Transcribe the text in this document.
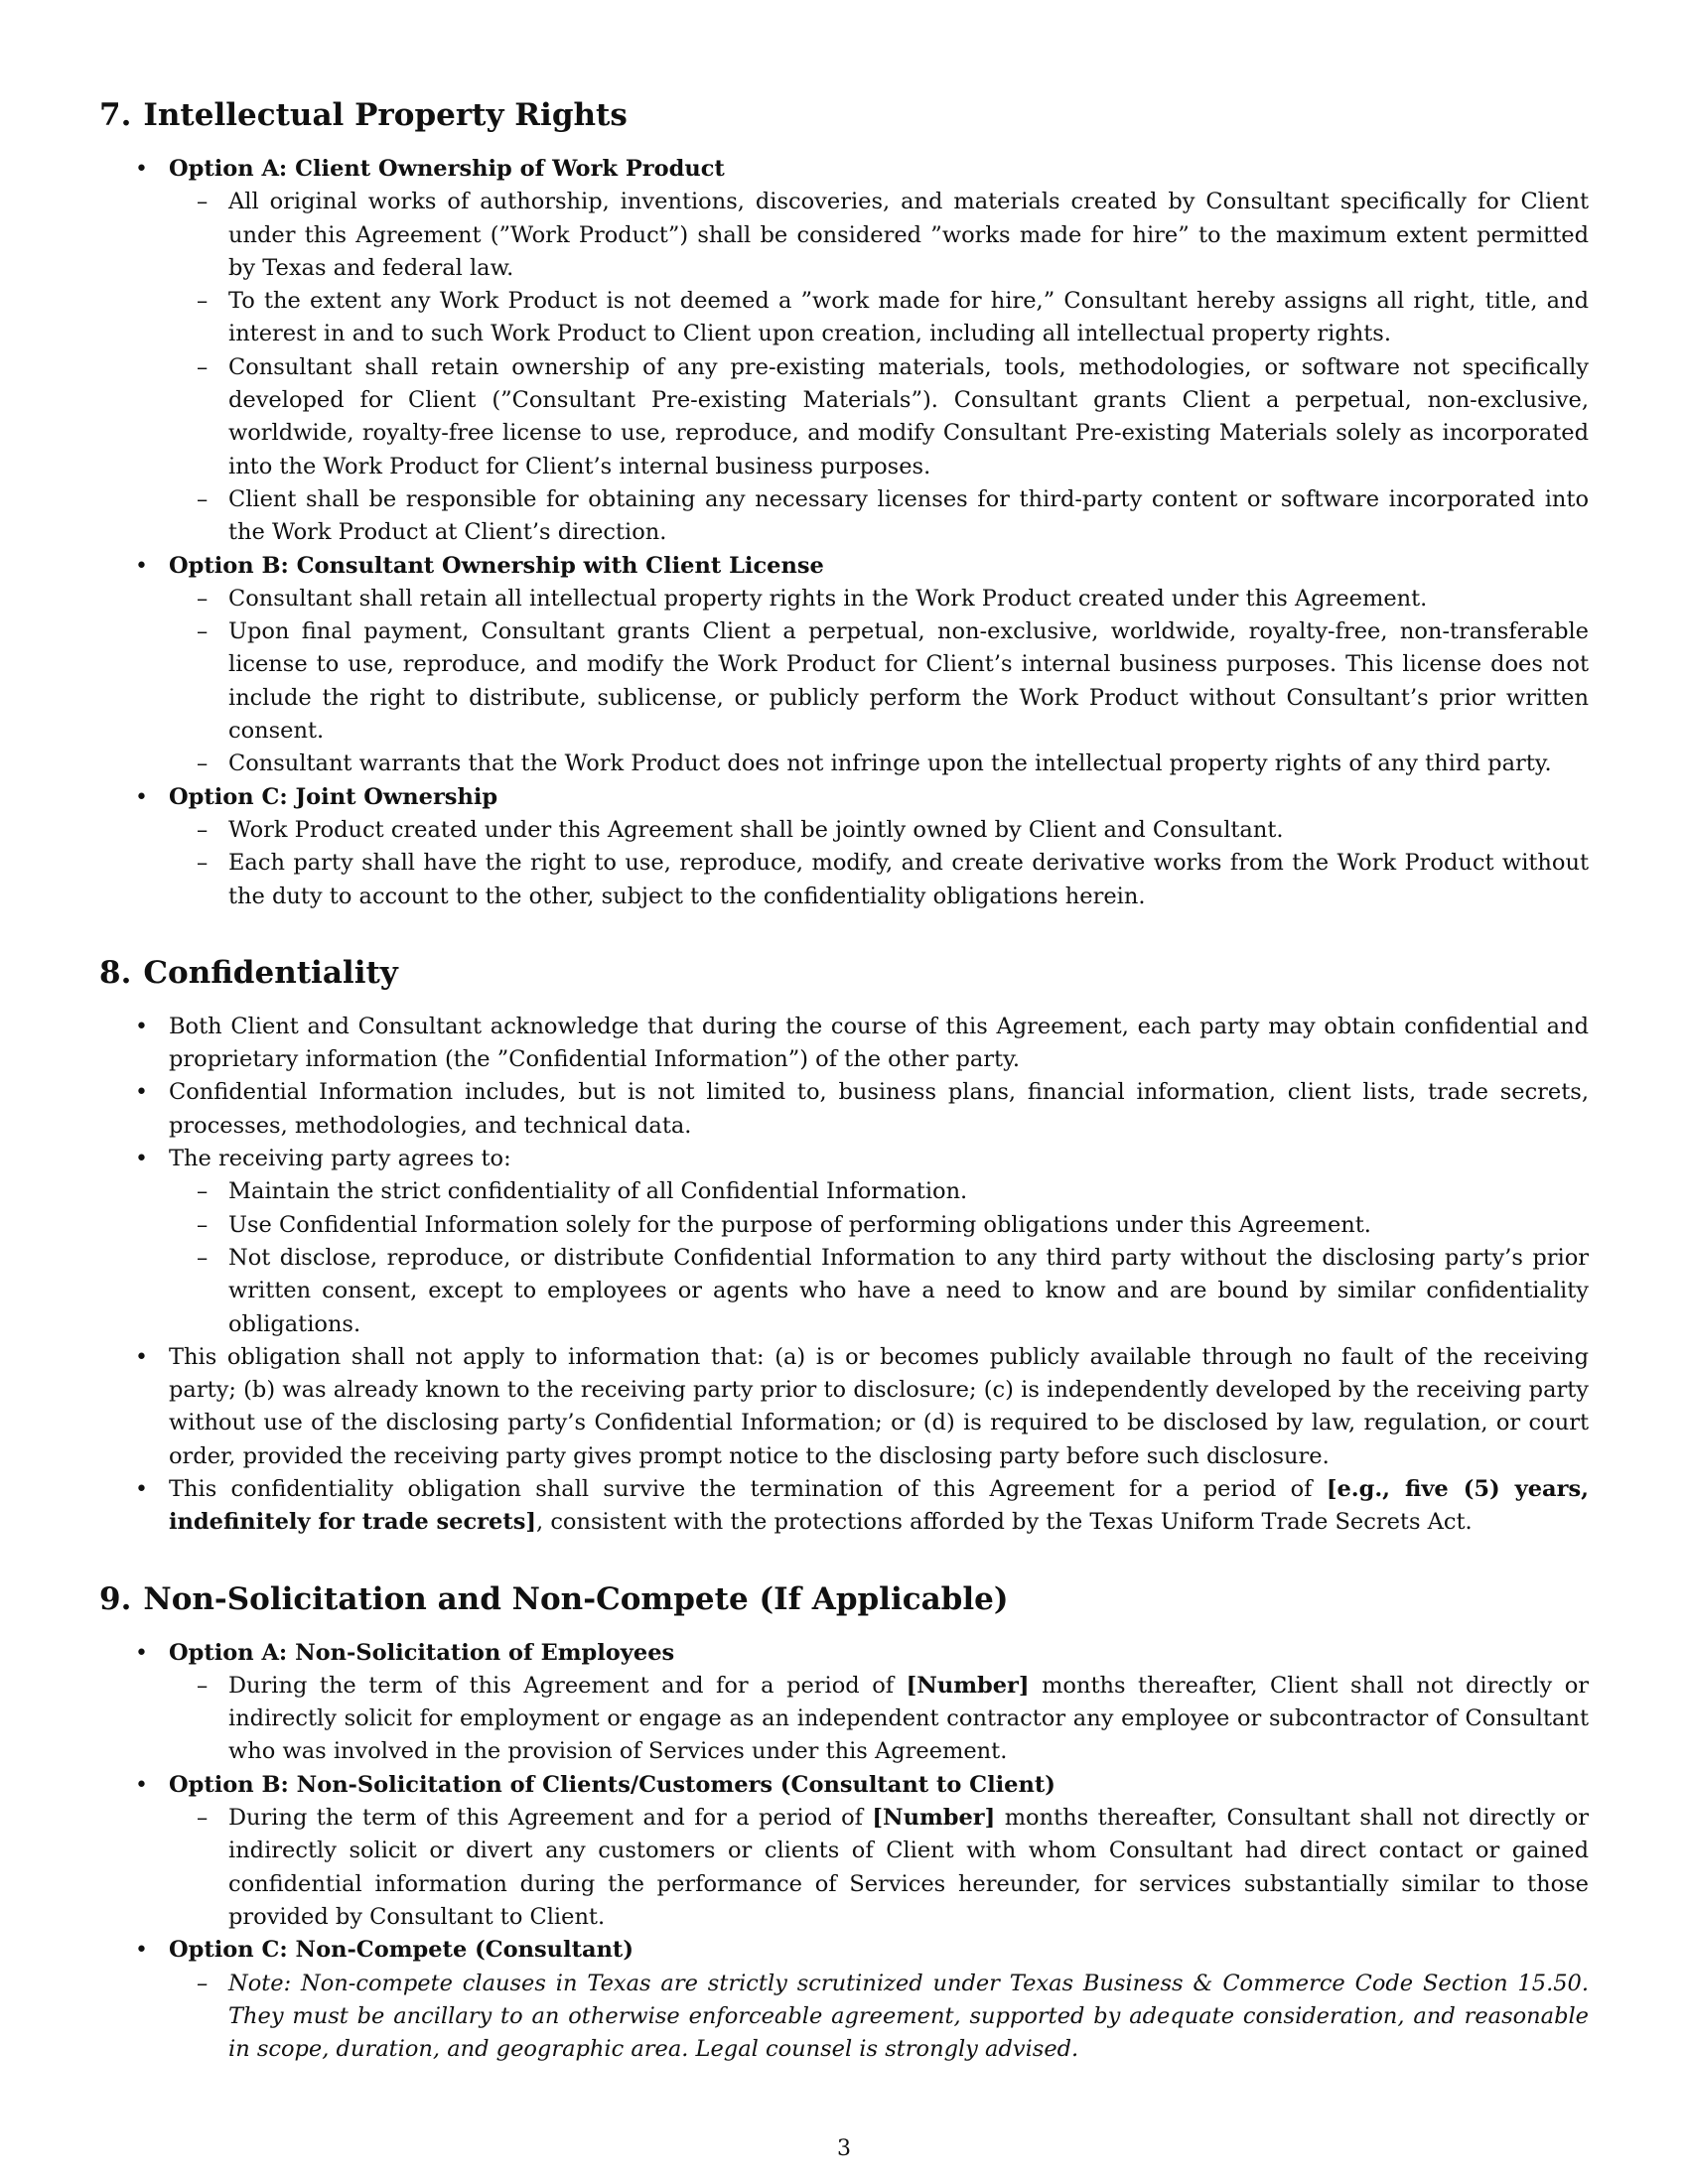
7. Intellectual Property Rights
• Option A: Client Ownership of Work Product
– All original works of authorship, inventions, discoveries, and materials created by Consultant specifically for Client under this Agreement (”Work Product”) shall be considered ”works made for hire” to the maximum extent permitted by Texas and federal law.
– To the extent any Work Product is not deemed a ”work made for hire,” Consultant hereby assigns all right, title, and interest in and to such Work Product to Client upon creation, including all intellectual property rights.
– Consultant shall retain ownership of any pre-existing materials, tools, methodologies, or software not specifically developed for Client (”Consultant Pre-existing Materials”). Consultant grants Client a perpetual, non-exclusive, worldwide, royalty-free license to use, reproduce, and modify Consultant Pre-existing Materials solely as incorporated into the Work Product for Client’s internal business purposes.
– Client shall be responsible for obtaining any necessary licenses for third-party content or software incorporated into the Work Product at Client’s direction.
• Option B: Consultant Ownership with Client License
– Consultant shall retain all intellectual property rights in the Work Product created under this Agreement.
– Upon final payment, Consultant grants Client a perpetual, non-exclusive, worldwide, royalty-free, non-transferable license to use, reproduce, and modify the Work Product for Client’s internal business purposes. This license does not include the right to distribute, sublicense, or publicly perform the Work Product without Consultant’s prior written consent.
– Consultant warrants that the Work Product does not infringe upon the intellectual property rights of any third party.
• Option C: Joint Ownership
– Work Product created under this Agreement shall be jointly owned by Client and Consultant.
– Each party shall have the right to use, reproduce, modify, and create derivative works from the Work Product without the duty to account to the other, subject to the confidentiality obligations herein.
8. Confidentiality
• Both Client and Consultant acknowledge that during the course of this Agreement, each party may obtain confidential and proprietary information (the ”Confidential Information”) of the other party.
• Confidential Information includes, but is not limited to, business plans, financial information, client lists, trade secrets, processes, methodologies, and technical data.
• The receiving party agrees to:
– Maintain the strict confidentiality of all Confidential Information.
– Use Confidential Information solely for the purpose of performing obligations under this Agreement.
– Not disclose, reproduce, or distribute Confidential Information to any third party without the disclosing party’s prior written consent, except to employees or agents who have a need to know and are bound by similar confidentiality obligations.
• This obligation shall not apply to information that: (a) is or becomes publicly available through no fault of the receiving party; (b) was already known to the receiving party prior to disclosure; (c) is independently developed by the receiving party without use of the disclosing party’s Confidential Information; or (d) is required to be disclosed by law, regulation, or court order, provided the receiving party gives prompt notice to the disclosing party before such disclosure.
• This confidentiality obligation shall survive the termination of this Agreement for a period of [e.g., five (5) years, indefinitely for trade secrets], consistent with the protections afforded by the Texas Uniform Trade Secrets Act.
9. Non-Solicitation and Non-Compete (If Applicable)
• Option A: Non-Solicitation of Employees
– During the term of this Agreement and for a period of [Number] months thereafter, Client shall not directly or indirectly solicit for employment or engage as an independent contractor any employee or subcontractor of Consultant who was involved in the provision of Services under this Agreement.
• Option B: Non-Solicitation of Clients/Customers (Consultant to Client)
– During the term of this Agreement and for a period of [Number] months thereafter, Consultant shall not directly or indirectly solicit or divert any customers or clients of Client with whom Consultant had direct contact or gained confidential information during the performance of Services hereunder, for services substantially similar to those provided by Consultant to Client.
• Option C: Non-Compete (Consultant)
– Note: Non-compete clauses in Texas are strictly scrutinized under Texas Business & Commerce Code Section 15.50. They must be ancillary to an otherwise enforceable agreement, supported by adequate consideration, and reasonable in scope, duration, and geographic area. Legal counsel is strongly advised.
3
